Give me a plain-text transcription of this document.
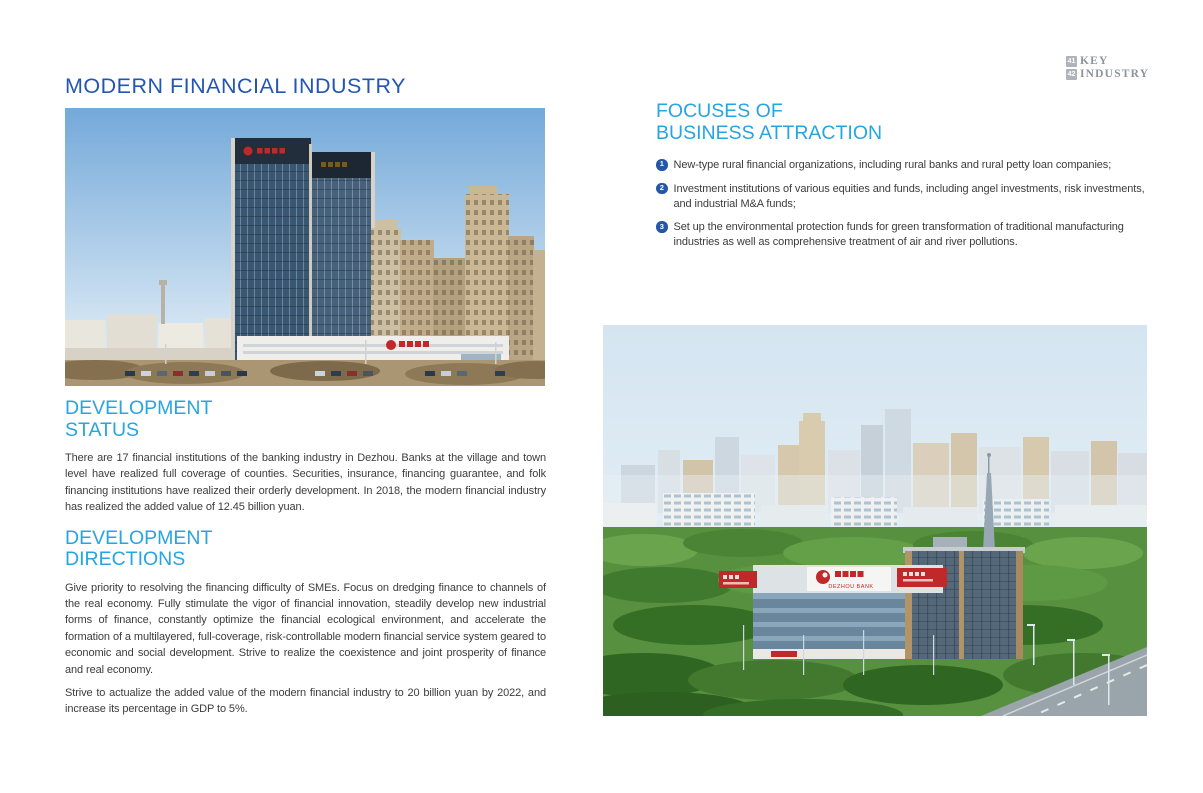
41 KEY
42 INDUSTRY
MODERN FINANCIAL INDUSTRY
DEVELOPMENT
STATUS

There are 17 financial institutions of the banking industry in Dezhou. Banks at the village and town level have realized full coverage of counties. Securities, insurance, financing guarantee, and folk financing institutions have realized their orderly development. In 2018, the modern financial industry has realized the added value of 12.45 billion yuan.

DEVELOPMENT
DIRECTIONS

Give priority to resolving the financing difficulty of SMEs. Focus on dredging finance to channels of the real economy. Fully stimulate the vigor of financial innovation, steadily develop new industrial forms of finance, constantly optimize the financial ecological environment, and accelerate the formation of a multilayered, full-coverage, risk-controllable modern financial service system geared to economic and social development. Strive to realize the coexistence and joint prosperity of finance and real economy.

Strive to actualize the added value of the modern financial industry to 20 billion yuan by 2022, and increase its percentage in GDP to 5%.

FOCUSES OF
BUSINESS ATTRACTION
1 New-type rural financial organizations, including rural banks and rural petty loan companies;
2 Investment institutions of various equities and funds, including angel investments, risk investments, and industrial M&A funds;
3 Set up the environmental protection funds for green transformation of traditional manufacturing industries as well as comprehensive treatment of air and river pollutions.
DEZHOU BANK
